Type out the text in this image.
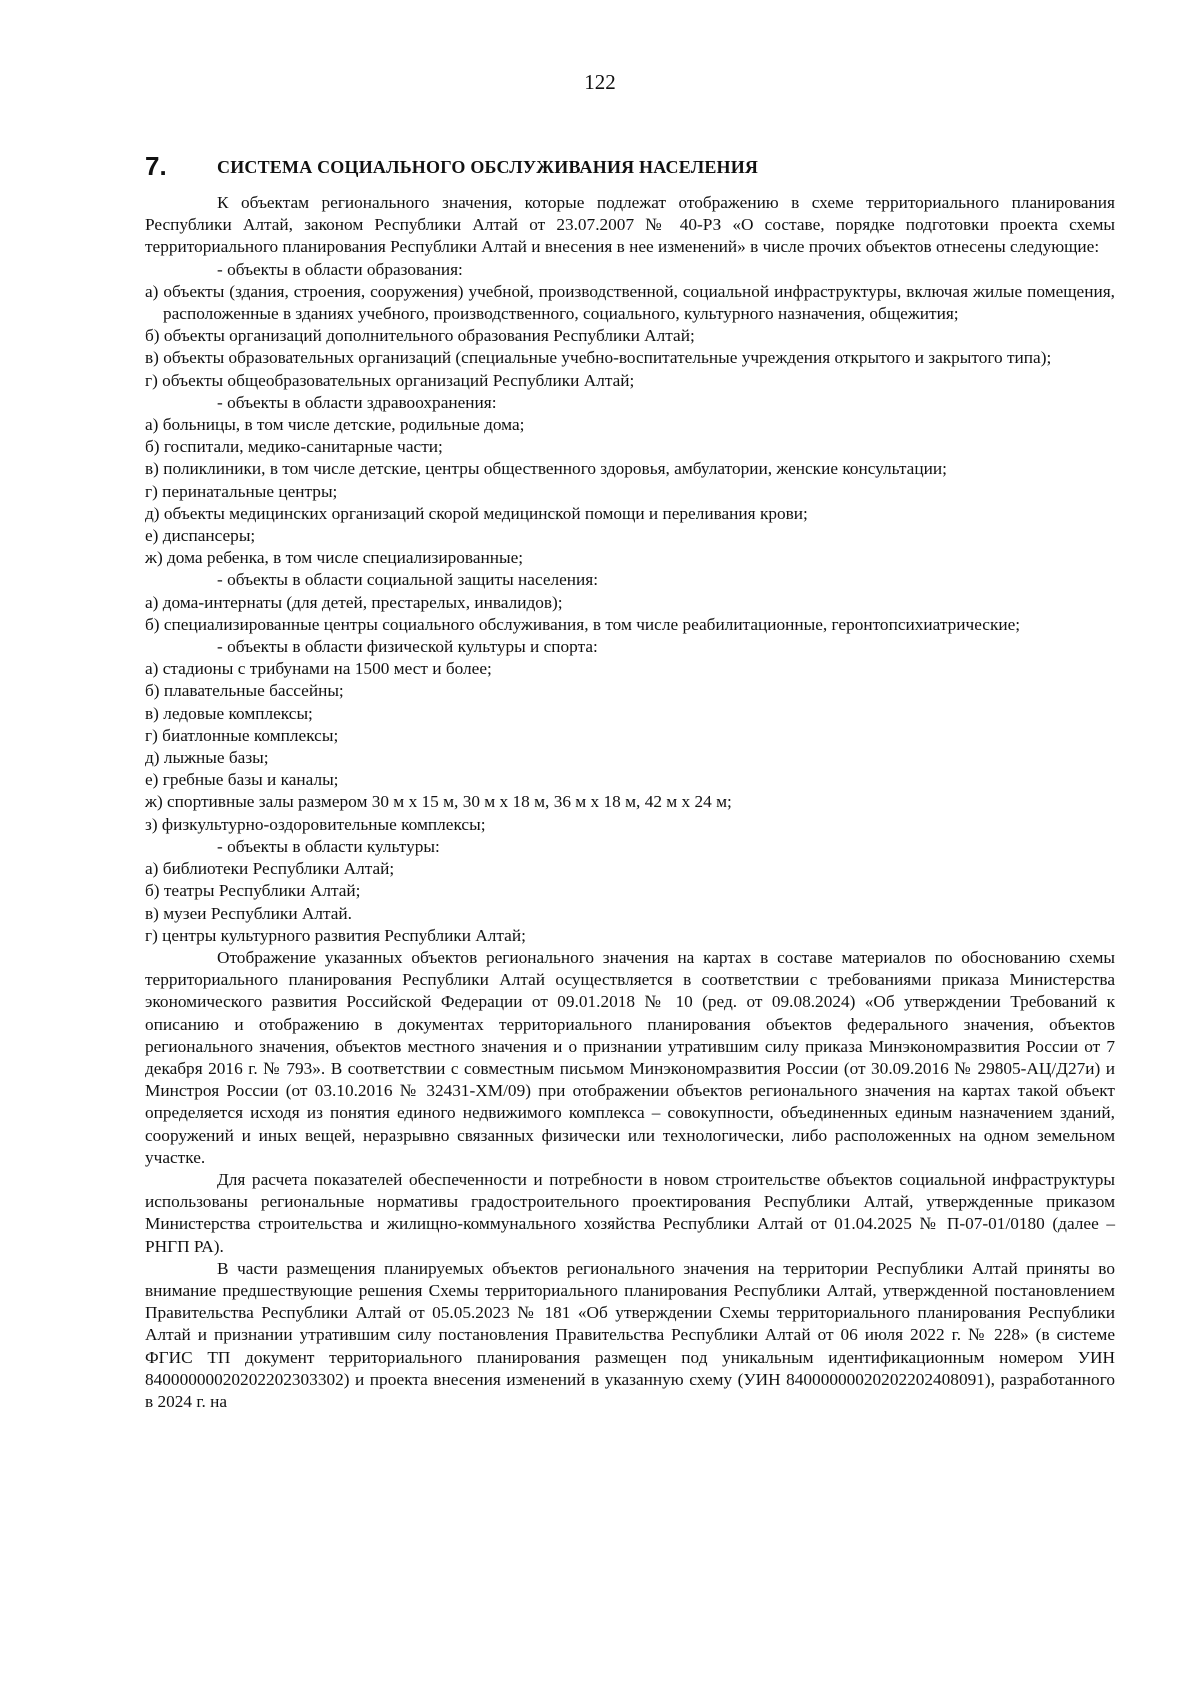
122
7.	СИСТЕМА СОЦИАЛЬНОГО ОБСЛУЖИВАНИЯ НАСЕЛЕНИЯ

К объектам регионального значения, которые подлежат отображению в схеме территориального планирования Республики Алтай, законом Республики Алтай от 23.07.2007 № 40-РЗ «О составе, порядке подготовки проекта схемы территориального планирования Республики Алтай и внесения в нее изменений» в числе прочих объектов отнесены следующие:

- объекты в области образования:

а) объекты (здания, строения, сооружения) учебной, производственной, социальной инфраструктуры, включая жилые помещения, расположенные в зданиях учебного, производственного, социального, культурного назначения, общежития;

б) объекты организаций дополнительного образования Республики Алтай;

в) объекты образовательных организаций (специальные учебно-воспитательные учреждения открытого и закрытого типа);

г) объекты общеобразовательных организаций Республики Алтай;

- объекты в области здравоохранения:

а) больницы, в том числе детские, родильные дома;

б) госпитали, медико-санитарные части;

в) поликлиники, в том числе детские, центры общественного здоровья, амбулатории, женские консультации;

г) перинатальные центры;

д) объекты медицинских организаций скорой медицинской помощи и переливания крови;

е) диспансеры;

ж) дома ребенка, в том числе специализированные;

- объекты в области социальной защиты населения:

а) дома-интернаты (для детей, престарелых, инвалидов);

б) специализированные центры социального обслуживания, в том числе реабилитационные, геронтопсихиатрические;

- объекты в области физической культуры и спорта:

а) стадионы с трибунами на 1500 мест и более;

б) плавательные бассейны;

в) ледовые комплексы;

г) биатлонные комплексы;

д) лыжные базы;

е) гребные базы и каналы;

ж) спортивные залы размером 30 м х 15 м, 30 м х 18 м, 36 м х 18 м, 42 м х 24 м;

з) физкультурно-оздоровительные комплексы;

- объекты в области культуры:

а) библиотеки Республики Алтай;

б) театры Республики Алтай;

в) музеи Республики Алтай.

г) центры культурного развития Республики Алтай;

Отображение указанных объектов регионального значения на картах в составе материалов по обоснованию схемы территориального планирования Республики Алтай осуществляется в соответствии с требованиями приказа Министерства экономического развития Российской Федерации от 09.01.2018 № 10 (ред. от 09.08.2024) «Об утверждении Требований к описанию и отображению в документах территориального планирования объектов федерального значения, объектов регионального значения, объектов местного значения и о признании утратившим силу приказа Минэкономразвития России от 7 декабря 2016 г. № 793». В соответствии с совместным письмом Минэкономразвития России (от 30.09.2016 № 29805-АЦ/Д27и) и Минстроя России (от 03.10.2016 № 32431-ХМ/09) при отображении объектов регионального значения на картах такой объект определяется исходя из понятия единого недвижимого комплекса – совокупности, объединенных единым назначением зданий, сооружений и иных вещей, неразрывно связанных физически или технологически, либо расположенных на одном земельном участке.

Для расчета показателей обеспеченности и потребности в новом строительстве объектов социальной инфраструктуры использованы региональные нормативы градостроительного проектирования Республики Алтай, утвержденные приказом Министерства строительства и жилищно-коммунального хозяйства Республики Алтай от 01.04.2025 № П-07-01/0180 (далее – РНГП РА).

В части размещения планируемых объектов регионального значения на территории Республики Алтай приняты во внимание предшествующие решения Схемы территориального планирования Республики Алтай, утвержденной постановлением Правительства Республики Алтай от 05.05.2023 № 181 «Об утверждении Схемы территориального планирования Республики Алтай и признании утратившим силу постановления Правительства Республики Алтай от 06 июля 2022 г. № 228» (в системе ФГИС ТП документ территориального планирования размещен под уникальным идентификационным номером УИН 84000000020202202303302) и проекта внесения изменений в указанную схему (УИН 84000000020202202408091), разработанного в 2024 г. на
